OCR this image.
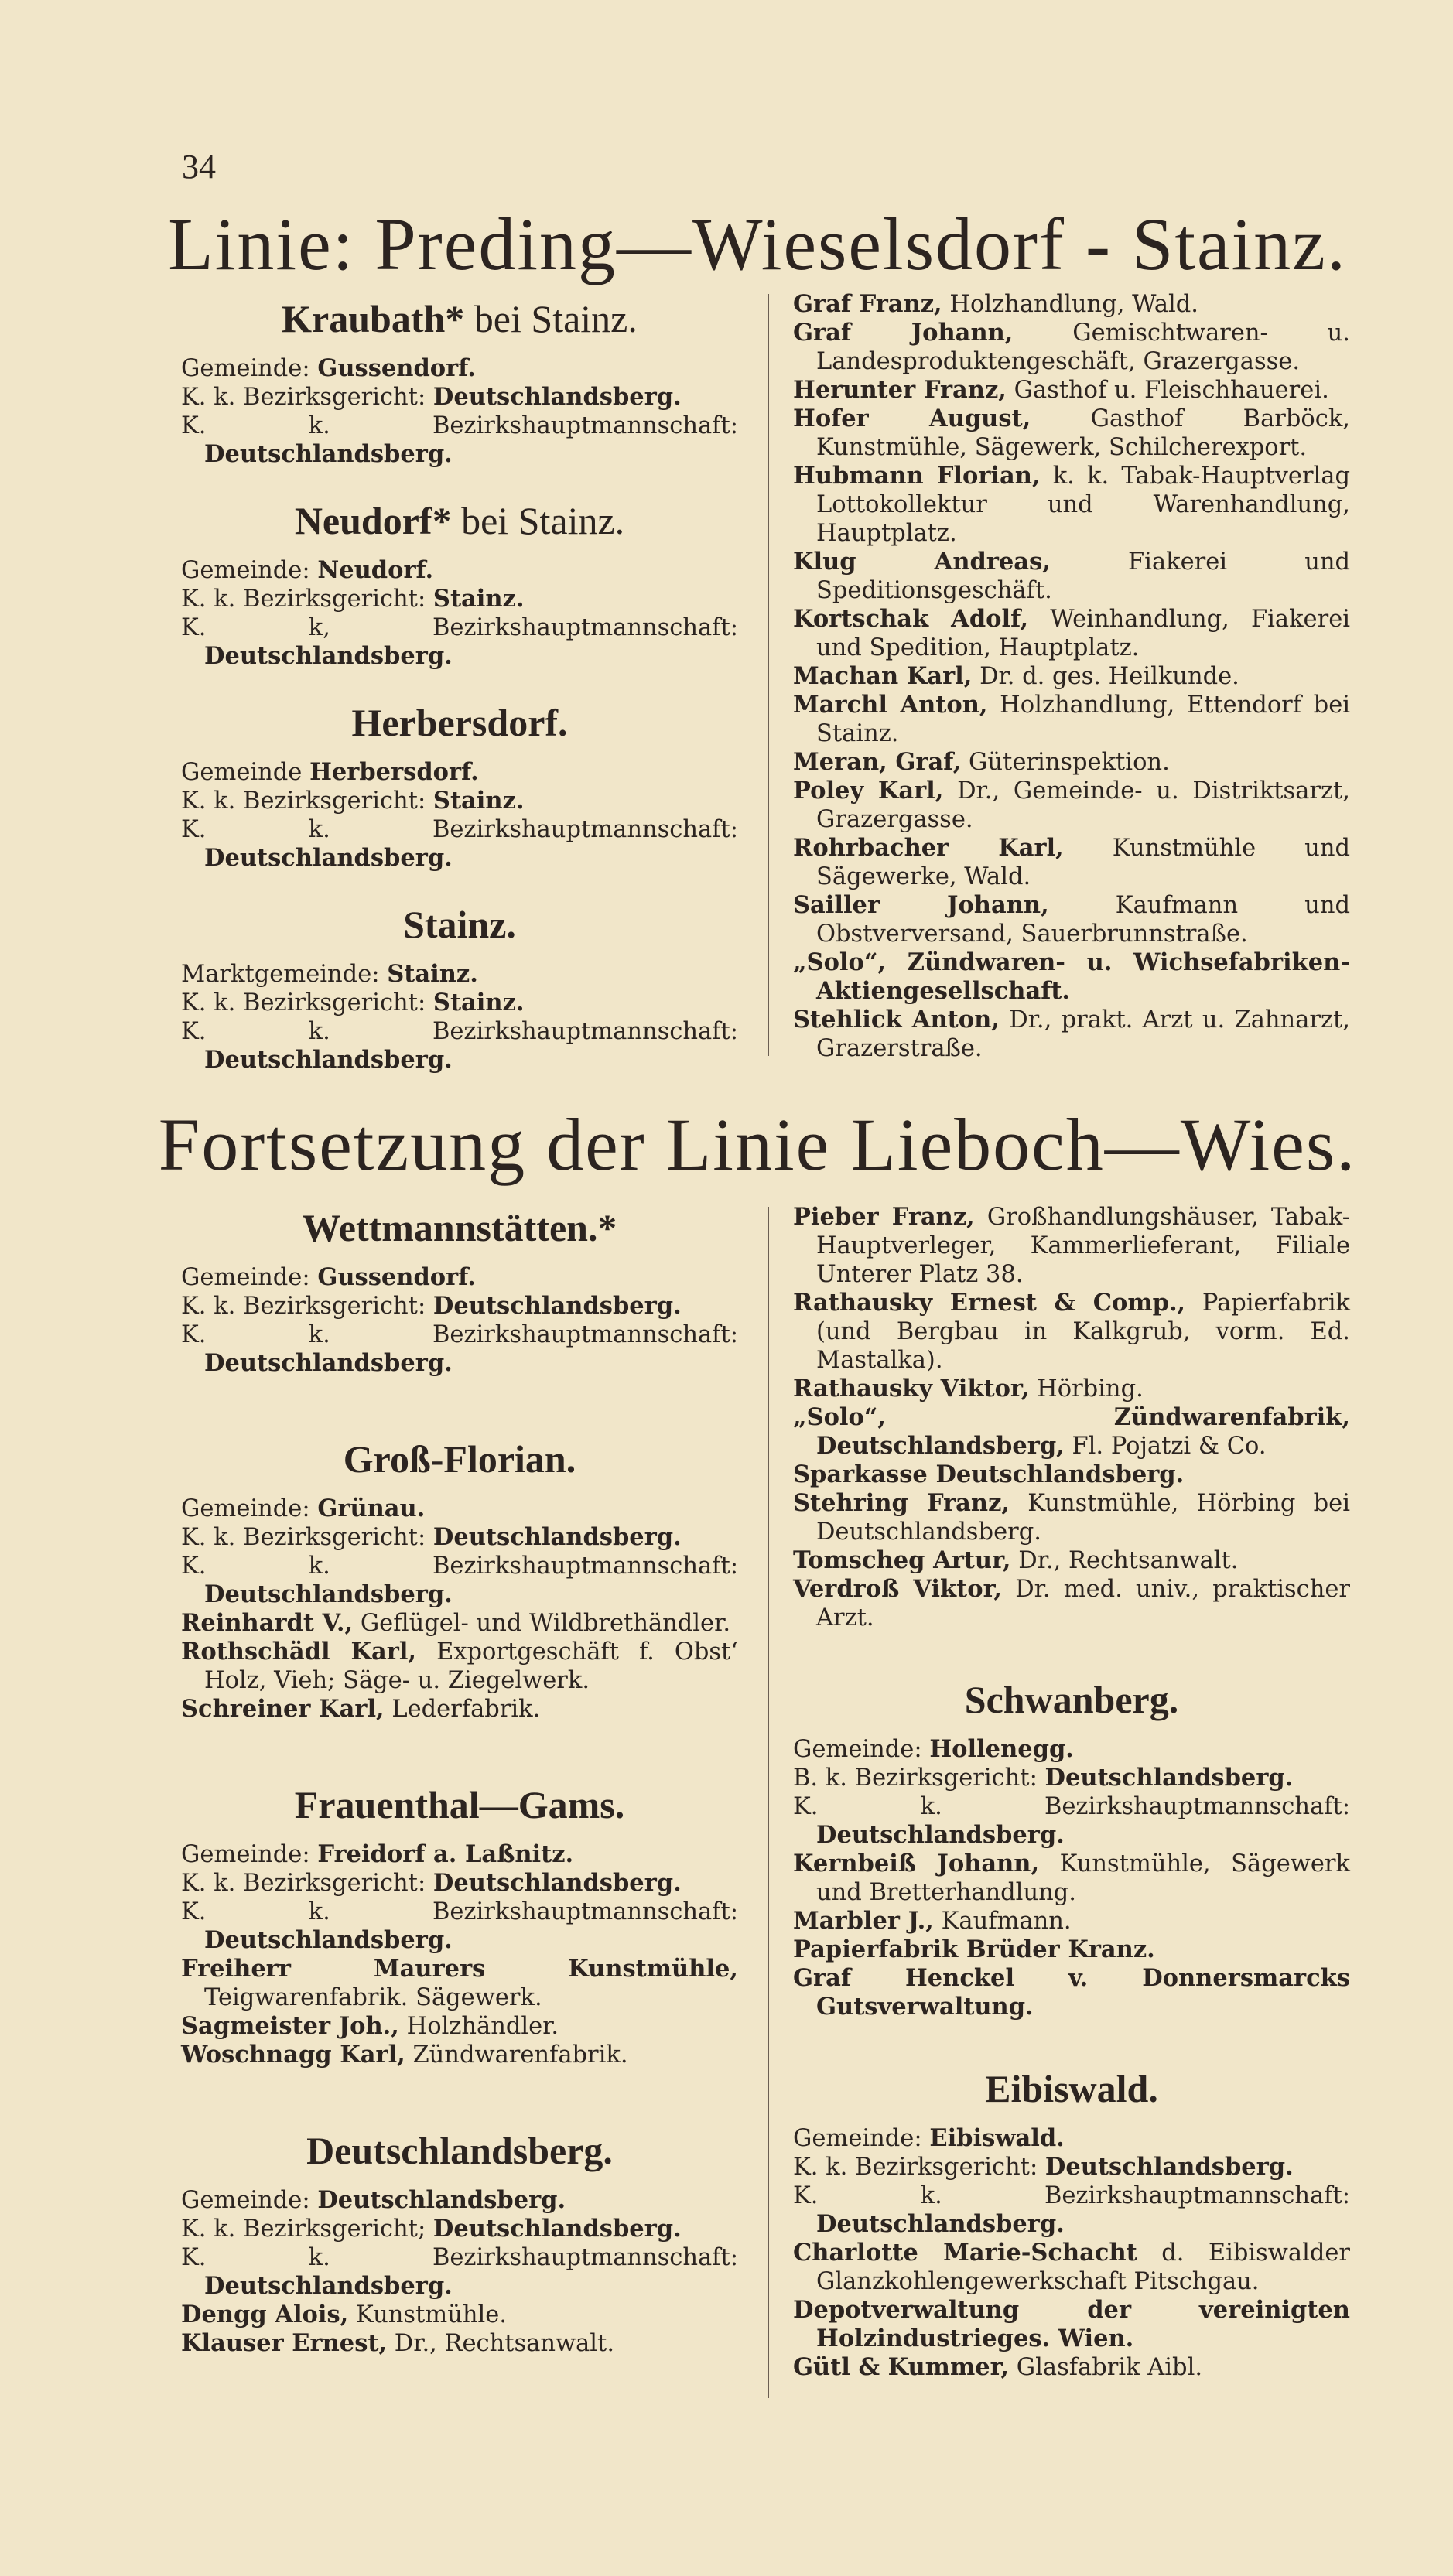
34
Linie: Preding—Wieselsdorf - Stainz.

Kraubath* bei Stainz.

Gemeinde: Gussendorf.

K. k. Bezirksgericht: Deutschlandsberg.

K. k. Bezirkshauptmannschaft: Deutschlandsberg.

Neudorf* bei Stainz.

Gemeinde: Neudorf.

K. k. Bezirksgericht: Stainz.

K. k, Bezirkshauptmannschaft: Deutschlandsberg.

Herbersdorf.

Gemeinde Herbersdorf.

K. k. Bezirksgericht: Stainz.

K. k. Bezirkshauptmannschaft: Deutschlandsberg.

Stainz.

Marktgemeinde: Stainz.

K. k. Bezirksgericht: Stainz.

K. k. Bezirkshauptmannschaft: Deutschlandsberg.

Graf Franz, Holzhandlung, Wald.

Graf Johann, Gemischtwaren- u. Landesproduktengeschäft, Grazergasse.

Herunter Franz, Gasthof u. Fleischhauerei.

Hofer August, Gasthof Barböck, Kunstmühle, Sägewerk, Schilcherexport.

Hubmann Florian, k. k. Tabak-Hauptverlag Lottokollektur und Warenhandlung, Hauptplatz.

Klug Andreas, Fiakerei und Speditionsgeschäft.

Kortschak Adolf, Weinhandlung, Fiakerei und Spedition, Hauptplatz.

Machan Karl, Dr. d. ges. Heilkunde.

Marchl Anton, Holzhandlung, Ettendorf bei Stainz.

Meran, Graf, Güterinspektion.

Poley Karl, Dr., Gemeinde- u. Distriktsarzt, Grazergasse.

Rohrbacher Karl, Kunstmühle und Sägewerke, Wald.

Sailler Johann, Kaufmann und Obstverversand, Sauerbrunnstraße.

„Solo“, Zündwaren- u. Wichsefabriken-Aktiengesellschaft.

Stehlick Anton, Dr., prakt. Arzt u. Zahnarzt, Grazerstraße.

Fortsetzung der Linie Lieboch—Wies.

Wettmannstätten.*

Gemeinde: Gussendorf.

K. k. Bezirksgericht: Deutschlandsberg.

K. k. Bezirkshauptmannschaft: Deutschlandsberg.

Groß-Florian.

Gemeinde: Grünau.

K. k. Bezirksgericht: Deutschlandsberg.

K. k. Bezirkshauptmannschaft: Deutschlandsberg.

Reinhardt V., Geflügel- und Wildbrethändler.

Rothschädl Karl, Exportgeschäft f. Obst‘ Holz, Vieh; Säge- u. Ziegelwerk.

Schreiner Karl, Lederfabrik.

Frauenthal—Gams.

Gemeinde: Freidorf a. Laßnitz.

K. k. Bezirksgericht: Deutschlandsberg.

K. k. Bezirkshauptmannschaft: Deutschlandsberg.

Freiherr Maurers Kunstmühle, Teigwarenfabrik. Sägewerk.

Sagmeister Joh., Holzhändler.

Woschnagg Karl, Zündwarenfabrik.

Deutschlandsberg.

Gemeinde: Deutschlandsberg.

K. k. Bezirksgericht; Deutschlandsberg.

K. k. Bezirkshauptmannschaft: Deutschlandsberg.

Dengg Alois, Kunstmühle.

Klauser Ernest, Dr., Rechtsanwalt.

Pieber Franz, Großhandlungshäuser, Tabak-Hauptverleger, Kammerlieferant, Filiale Unterer Platz 38.

Rathausky Ernest & Comp., Papierfabrik (und Bergbau in Kalkgrub, vorm. Ed. Mastalka).

Rathausky Viktor, Hörbing.

„Solo“, Zündwarenfabrik, Deutschlandsberg, Fl. Pojatzi & Co.

Sparkasse Deutschlandsberg.

Stehring Franz, Kunstmühle, Hörbing bei Deutschlandsberg.

Tomscheg Artur, Dr., Rechtsanwalt.

Verdroß Viktor, Dr. med. univ., praktischer Arzt.

Schwanberg.

Gemeinde: Hollenegg.

B. k. Bezirksgericht: Deutschlandsberg.

K. k. Bezirkshauptmannschaft: Deutschlandsberg.

Kernbeiß Johann, Kunstmühle, Sägewerk und Bretterhandlung.

Marbler J., Kaufmann.

Papierfabrik Brüder Kranz.

Graf Henckel v. Donnersmarcks Gutsverwaltung.

Eibiswald.

Gemeinde: Eibiswald.

K. k. Bezirksgericht: Deutschlandsberg.

K. k. Bezirkshauptmannschaft: Deutschlandsberg.

Charlotte Marie-Schacht d. Eibiswalder Glanzkohlengewerkschaft Pitschgau.

Depotverwaltung der vereinigten Holzindustrieges. Wien.

Gütl & Kummer, Glasfabrik Aibl.
